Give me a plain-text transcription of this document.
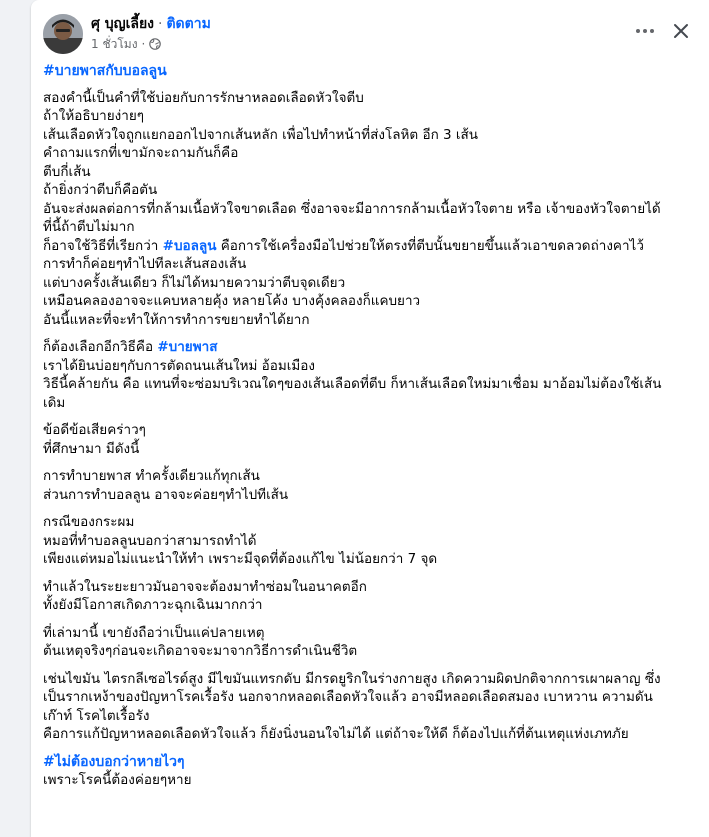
ศุ บุญเลี้ยง · ติดตาม
1 ชั่วโมง ·

#บายพาสกับบอลลูน

สองคำนี้เป็นคำที่ใช้บ่อยกับการรักษาหลอดเลือดหัวใจตีบ
ถ้าให้อธิบายง่ายๆ
เส้นเลือดหัวใจถูกแยกออกไปจากเส้นหลัก เพื่อไปทำหน้าที่ส่งโลหิต อีก 3 เส้น
คำถามแรกที่เขามักจะถามกันก็คือ
ตีบกี่เส้น
ถ้ายิ่งกว่าตีบก็คือตัน
อันจะส่งผลต่อการที่กล้ามเนื้อหัวใจขาดเลือด ซึ่งอาจจะมีอาการกล้ามเนื้อหัวใจตาย หรือ เจ้าของหัวใจตายได้
ที่นี้ถ้าตีบไม่มาก
ก็อาจใช้วิธีที่เรียกว่า #บอลลูน คือการใช้เครื่องมือไปช่วยให้ตรงที่ตีบนั้นขยายขึ้นแล้วเอาขดลวดถ่างคาไว้
การทำก็ค่อยๆทำไปทีละเส้นสองเส้น
แต่บางครั้งเส้นเดียว ก็ไม่ได้หมายความว่าตีบจุดเดียว
เหมือนคลองอาจจะแคบหลายคุ้ง หลายโค้ง บางคุ้งคลองก็แคบยาว
อันนี้แหละที่จะทำให้การทำการขยายทำได้ยาก

ก็ต้องเลือกอีกวิธีคือ #บายพาส
เราได้ยินบ่อยๆกับการตัดถนนเส้นใหม่ อ้อมเมือง
วิธีนี้คล้ายกัน คือ แทนที่จะซ่อมบริเวณใดๆของเส้นเลือดที่ตีบ ก็หาเส้นเลือดใหม่มาเชื่อม มาอ้อมไม่ต้องใช้เส้น
เดิม

ข้อดีข้อเสียคร่าวๆ
ที่ศึกษามา มีดังนี้

การทำบายพาส ทำครั้งเดียวแก้ทุกเส้น
ส่วนการทำบอลลูน อาจจะค่อยๆทำไปทีเส้น

กรณีของกระผม
หมอที่ทำบอลลูนบอกว่าสามารถทำได้
เพียงแต่หมอไม่แนะนำให้ทำ เพราะมีจุดที่ต้องแก้ไข ไม่น้อยกว่า 7 จุด

ทำแล้วในระยะยาวมันอาจจะต้องมาทำซ่อมในอนาคตอีก
ทั้งยังมีโอกาสเกิดภาวะฉุกเฉินมากกว่า

ที่เล่ามานี้ เขายังถือว่าเป็นแค่ปลายเหตุ
ต้นเหตุจริงๆก่อนจะเกิดอาจจะมาจากวิธีการดำเนินชีวิต

เช่นไขมัน ไตรกลีเซอไรด์สูง มีไขมันแทรกดับ มีกรดยูริกในร่างกายสูง เกิดความผิดปกติจากการเผาผลาญ ซึ่ง
เป็นรากเหง้าของปัญหาโรคเรื้อรัง นอกจากหลอดเลือดหัวใจแล้ว อาจมีหลอดเลือดสมอง เบาหวาน ความดัน
เก๊าท์ โรคไตเรื้อรัง
คือการแก้ปัญหาหลอดเลือดหัวใจแล้ว ก็ยังนิ่งนอนใจไม่ได้ แต่ถ้าจะให้ดี ก็ต้องไปแก้ที่ต้นเหตุแห่งเภทภัย

#ไม่ต้องบอกว่าหายไวๆ
เพราะโรคนี้ต้องค่อยๆหาย
